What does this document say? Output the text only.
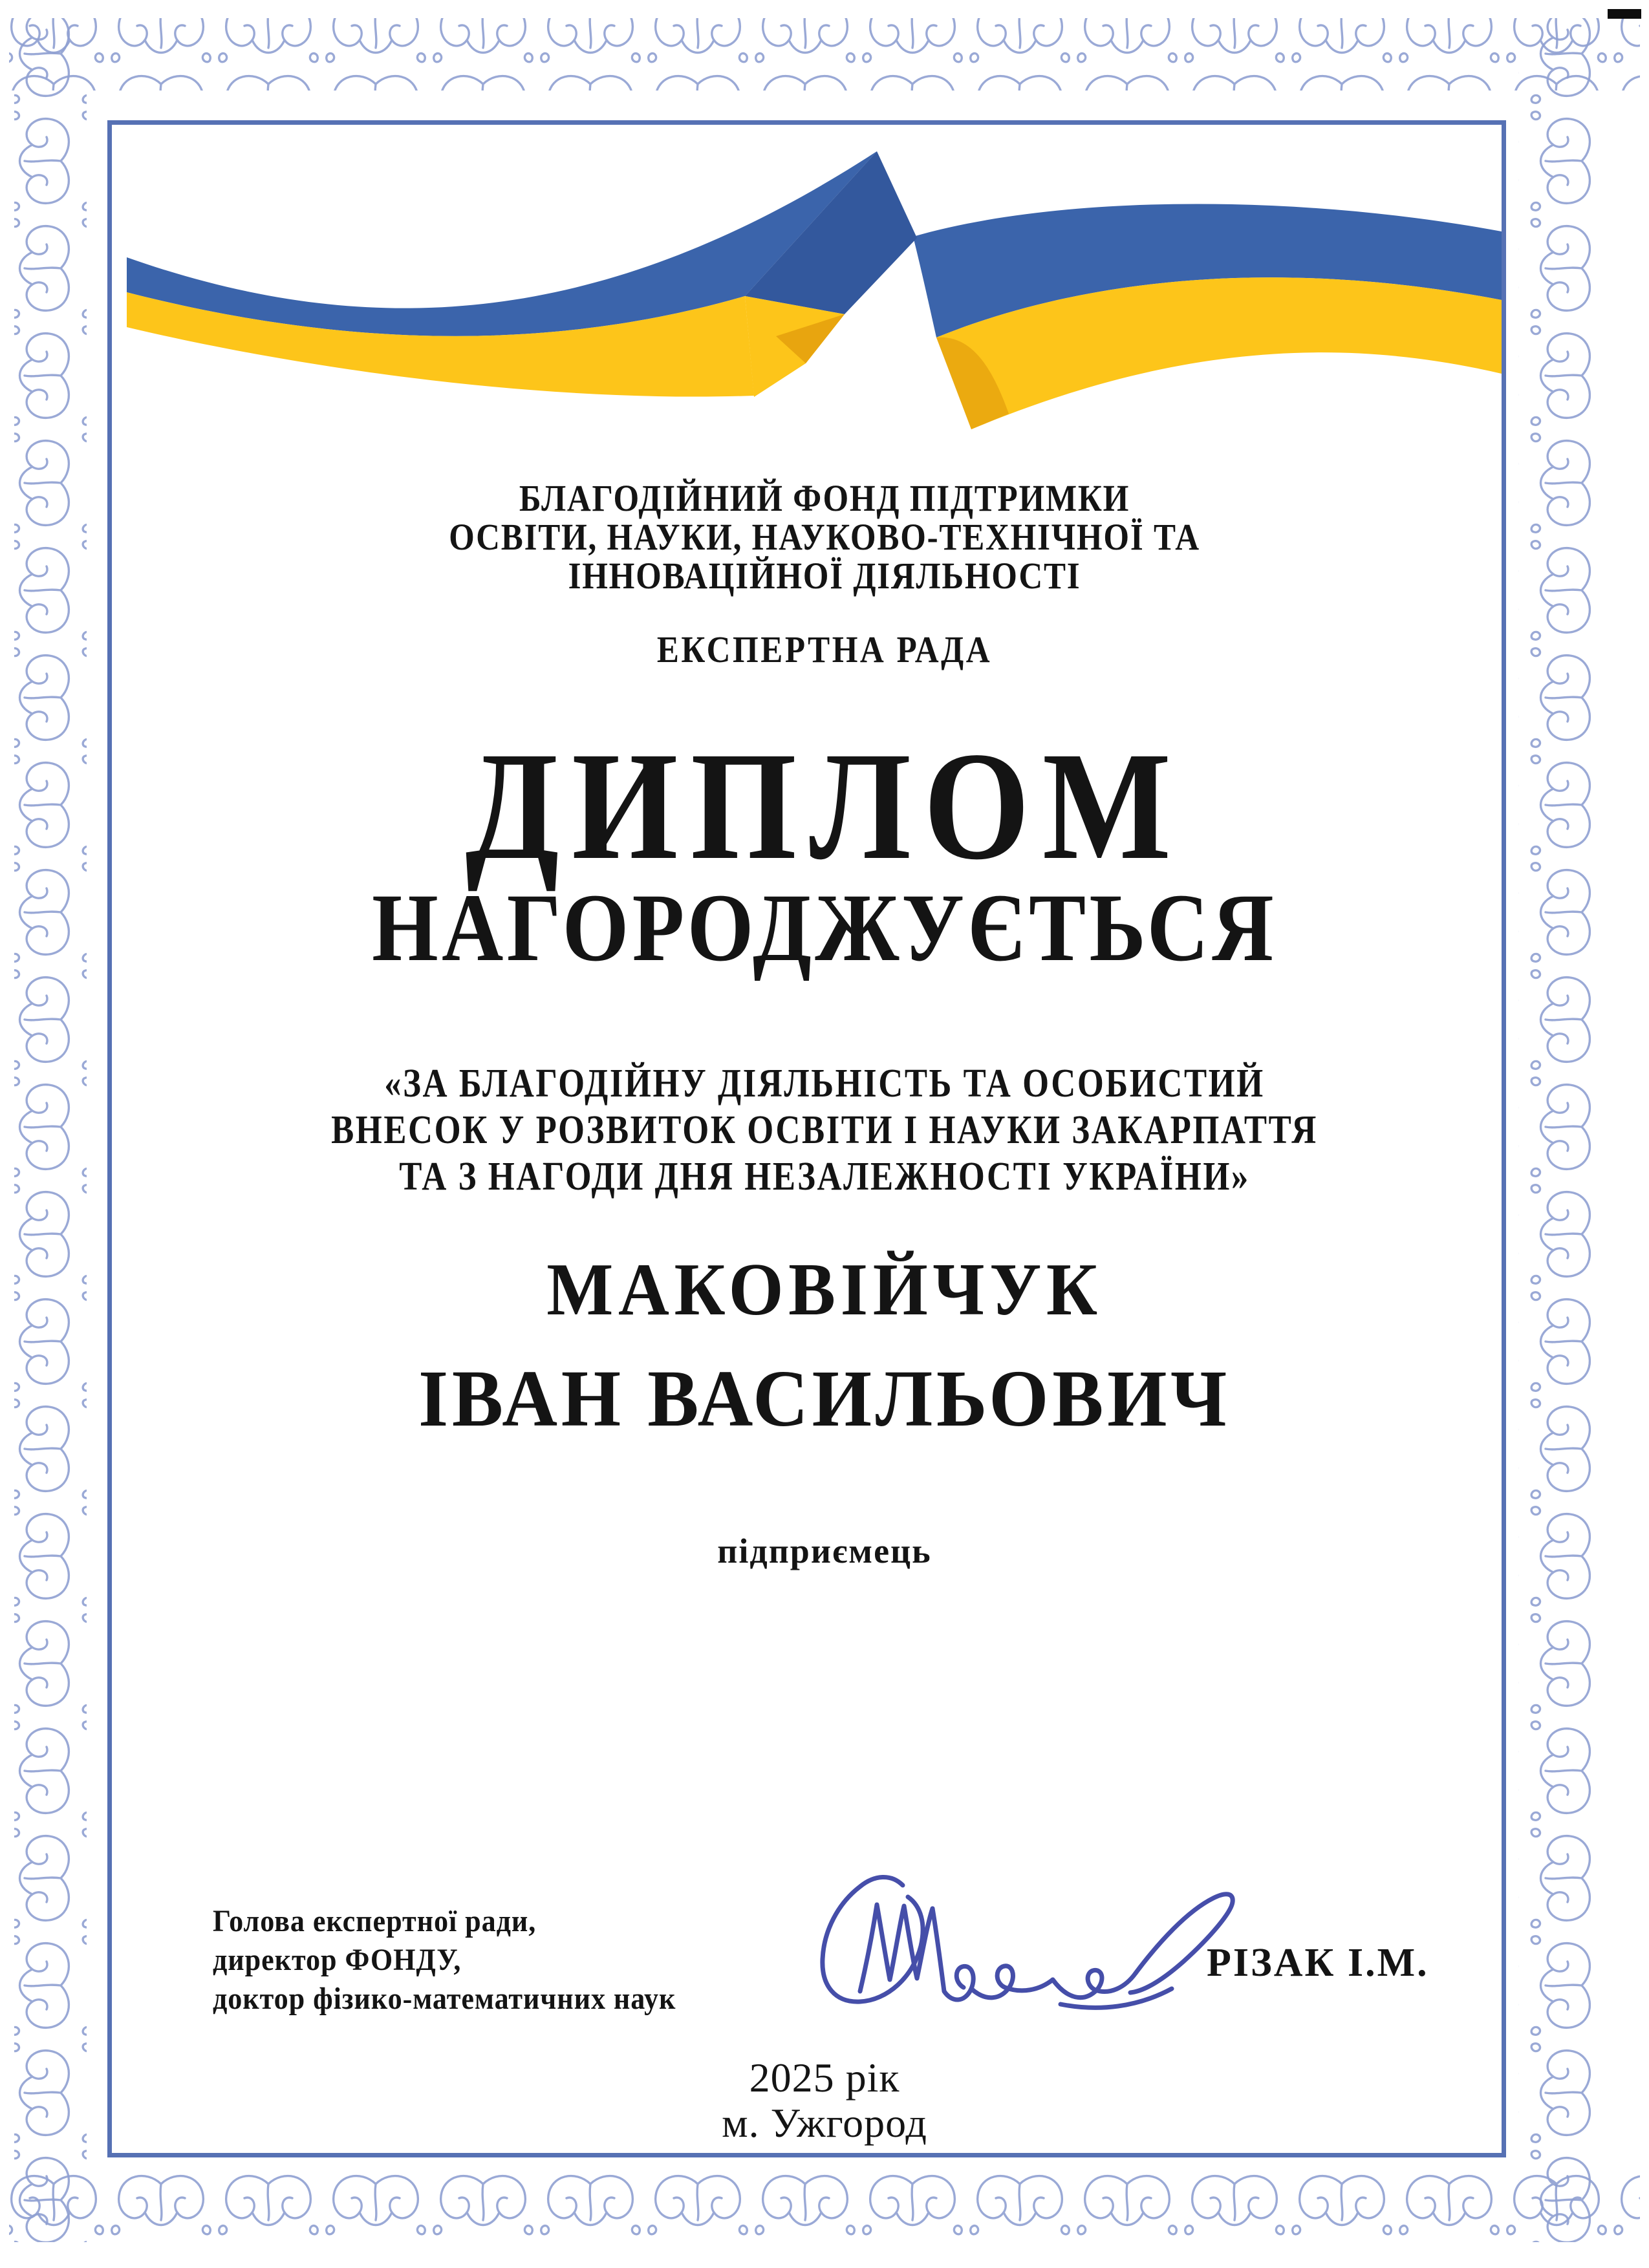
БЛАГОДІЙНИЙ ФОНД ПІДТРИМКИ
ОСВІТИ, НАУКИ, НАУКОВО-ТЕХНІЧНОЇ ТА
ІННОВАЦІЙНОЇ ДІЯЛЬНОСТІ
ЕКСПЕРТНА РАДА
ДИПЛОМ
НАГОРОДЖУЄТЬСЯ
«ЗА БЛАГОДІЙНУ ДІЯЛЬНІСТЬ ТА ОСОБИСТИЙ
ВНЕСОК У РОЗВИТОК ОСВІТИ І НАУКИ ЗАКАРПАТТЯ
ТА З НАГОДИ ДНЯ НЕЗАЛЕЖНОСТІ УКРАЇНИ»
МАКОВІЙЧУК
ІВАН ВАСИЛЬОВИЧ
підприємець
Голова експертної ради,
директор ФОНДУ,
доктор фізико-математичних наук
РІЗАК І.М.
2025 рік
м. Ужгород
